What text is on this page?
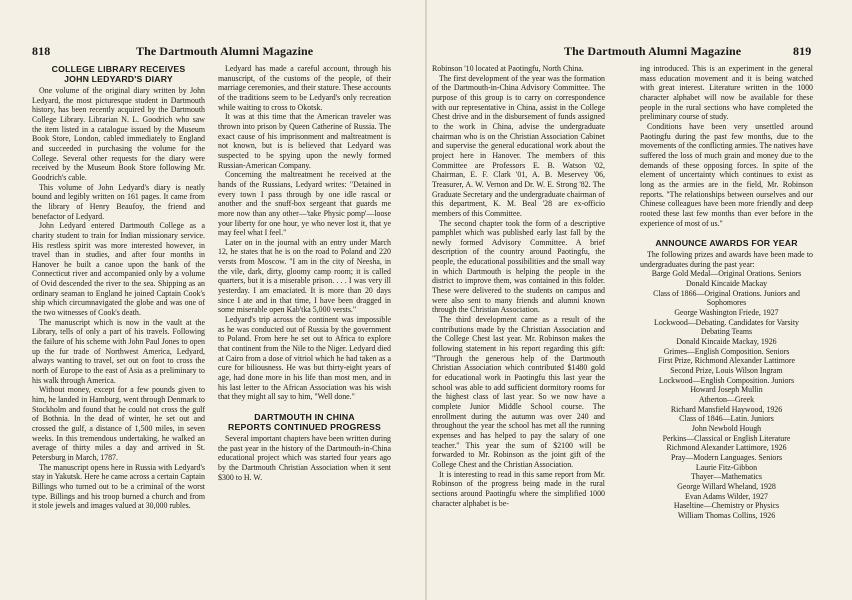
818	The Dartmouth Alumni Magazine
COLLEGE LIBRARY RECEIVES
JOHN LEDYARD'S DIARY

One volume of the original diary written by John Ledyard, the most picturesque student in Dartmouth history, has been recently acquired by the Dartmouth College Library. Librarian N. L. Goodrich who saw the item listed in a catalogue issued by the Museum Book Store, London, cabled immediately to England and succeeded in purchasing the volume for the College. Several other requests for the diary were received by the Museum Book Store following Mr. Goodrich's cable.

This volume of John Ledyard's diary is neatly bound and legibly written on 161 pages. It came from the library of Henry Beaufoy, the friend and benefactor of Ledyard.

John Ledyard entered Dartmouth College as a charity student to train for Indian missionary service. His restless spirit was more interested however, in travel than in studies, and after four months in Hanover he built a canoe upon the bank of the Connecticut river and accompanied only by a volume of Ovid descended the river to the sea. Shipping as an ordinary seaman to England he joined Captain Cook's ship which circumnavigated the globe and was one of the two witnesses of Cook's death.

The manuscript which is now in the vault at the Library, tells of only a part of his travels. Following the failure of his scheme with John Paul Jones to open up the fur trade of Northwest America, Ledyard, always wanting to travel, set out on foot to cross the north of Europe to the east of Asia as a preliminary to his walk through America.

Without money, except for a few pounds given to him, he landed in Hamburg, went through Denmark to Stockholm and found that he could not cross the gulf of Bothnia. In the dead of winter, he set out and crossed the gulf, a distance of 1,500 miles, in seven weeks. In this tremendous undertaking, he walked an average of thirty miles a day and arrived in St. Petersburg in March, 1787.

The manuscript opens here in Russia with Ledyard's stay in Yakutsk. Here he came across a certain Captain Billings who turned out to be a criminal of the worst type. Billings and his troop burned a church and from it stole jewels and images valued at 30,000 rubles.

Ledyard has made a careful account, through his manuscript, of the customs of the people, of their marriage ceremonies, and their stature. These accounts of the traditions seem to be Ledyard's only recreation while waiting to cross to Okotsk.

It was at this time that the American traveler was thrown into prison by Queen Catherine of Russia. The exact cause of his imprisonment and maltreatment is not known, but is is believed that Ledyard was suspected to be spying upon the newly formed Russian-American Company.

Concerning the maltreatment he received at the hands of the Russians, Ledyard writes: "Detained in every town I pass through by one idle rascal or another and the snuff-box sergeant that guards me more now than any other—'take Physic pomp'—loose your liberty for one hour, ye who never lost it, that ye may feel what I feel."

Later on in the journal with an entry under March 12, he states that he is on the road to Poland and 220 versts from Moscow. "I am in the city of Neesha, in the vile, dark, dirty, gloomy camp room; it is called quarters, but it is a miserable prison. . . . I was very ill yesterday. I am emaciated. It is more than 20 days since I ate and in that time, I have been dragged in some miserable open Kab'tka 5,000 versts."

Ledyard's trip across the continent was impossible as he was conducted out of Russia by the government to Poland. From here he set out to Africa to explore that continent from the Nile to the Niger. Ledyard died at Cairo from a dose of vitriol which he had taken as a cure for biliousness. He was but thirty-eight years of age, had done more in his life than most men, and in his last letter to the African Association was his wish that they might all say to him, "Well done."

DARTMOUTH IN CHINA
REPORTS CONTINUED PROGRESS

Several important chapters have been written during the past year in the history of the Dartmouth-in-China educational project which was started four years ago by the Dartmouth Christian Association when it sent $300 to H. W.

The Dartmouth Alumni Magazine	819

Robinson '10 located at Paotingfu, North China.

The first development of the year was the formation of the Dartmouth-in-China Advisory Committee. The purpose of this group is to carry on correspondence with our representative in China, assist in the College Chest drive and in the disbursement of funds assigned to the work in China, advise the undergraduate chairman who is on the Christian Association Cabinet and supervise the general educational work about the project here in Hanover. The members of this Committee are Professors E. B. Watson '02, Chairman, E. F. Clark '01, A. B. Meservey '06, Treasurer, A. W. Vernon and Dr. W. E. Strong '82. The Graduate Secretary and the undergraduate chairman of this department, K. M. Beal '28 are ex-officio members of this Committee.

The second chapter took the form of a descriptive pamphlet which was published early last fall by the newly formed Advisory Committee. A brief description of the country around Paotingfu, the people, the educational possibilities and the small way in which Dartmouth is helping the people in the district to improve them, was contained in this folder. These were delivered to the students on campus and were also sent to many friends and alumni known through the Christian Association.

The third development came as a result of the contributions made by the Christian Association and the College Chest last year. Mr. Robinson makes the following statement in his report regarding this gift: "Through the generous help of the Dartmouth Christian Association which contributed $1480 gold for educational work in Paotingfu this last year the school was able to add sufficient dormitory rooms for the highest class of last year. So we now have a complete Junior Middle School course. The enrollment during the autumn was over 240 and throughout the year the school has met all the running expenses and has helped to pay the salary of one teacher." This year the sum of $2100 will be forwarded to Mr. Robinson as the joint gift of the College Chest and the Christian Association.

It is interesting to read in this same report from Mr. Robinson of the progress being made in the rural sections around Paotingfu where the simplified 1000 character alphabet is be-

ing introduced. This is an experiment in the general mass education movement and it is being watched with great interest. Literature written in the 1000 character alphabet will now be available for these people in the rural sections who have completed the preliminary course of study.

Conditions have been very unsettled around Paotingfu during the past few months, due to the movements of the conflicting armies. The natives have suffered the loss of much grain and money due to the demands of these opposing forces. In spite of the element of uncertainty which continues to exist as long as the armies are in the field, Mr. Robinson reports. "The relationships between ourselves and our Chinese colleagues have been more friendly and deep rooted these last few months than ever before in the experience of most of us."

ANNOUNCE AWARDS FOR YEAR
The following prizes and awards have been made to undergraduates during the past year:
Barge Gold Medal—Original Orations. Seniors
Donald Kincaide Mackay
Class of 1866—Original Orations. Juniors and Sophomores
George Washington Friede, 1927
Lockwood—Debating. Candidates for Varsity Debating Teams
Donald Kincaide Mackay, 1926
Grimes—English Composition. Seniors
First Prize, Richmond Alexander Lattimore
Second Prize, Louis Wilson Ingram
Lockwood—English Composition. Juniors
Howard Joseph Mullin
Atherton—Greek
Richard Mansfield Haywood, 1926
Class of 1846—Latin. Juniors
John Newbold Hough
Perkins—Classical or English Literature
Richmond Alexander Lattimore, 1926
Pray—Modern Languages. Seniors
Laurie Fitz-Gibbon
Thayer—Mathematics
George Willard Wheland, 1928
Evan Adams Wilder, 1927
Haseltine—Chemistry or Physics
William Thomas Collins, 1926
